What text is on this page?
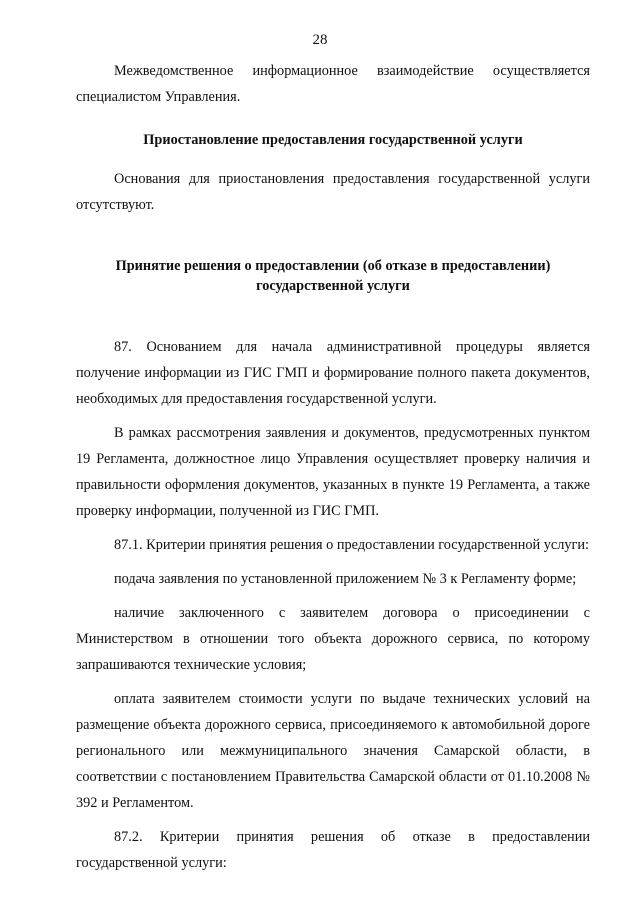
28

Межведомственное информационное взаимодействие осуществляется специалистом Управления.

Приостановление предоставления государственной услуги

Основания для приостановления предоставления государственной услуги отсутствуют.

Принятие решения о предоставлении (об отказе в предоставлении) государственной услуги

87. Основанием для начала административной процедуры является получение информации из ГИС ГМП и формирование полного пакета документов, необходимых для предоставления государственной услуги.

В рамках рассмотрения заявления и документов, предусмотренных пунктом 19 Регламента, должностное лицо Управления осуществляет проверку наличия и правильности оформления документов, указанных в пункте 19 Регламента, а также проверку информации, полученной из ГИС ГМП.

87.1. Критерии принятия решения о предоставлении государственной услуги:

подача заявления по установленной приложением № 3 к Регламенту форме;

наличие заключенного с заявителем договора о присоединении с Министерством в отношении того объекта дорожного сервиса, по которому запрашиваются технические условия;

оплата заявителем стоимости услуги по выдаче технических условий на размещение объекта дорожного сервиса, присоединяемого к автомобильной дороге регионального или межмуниципального значения Самарской области, в соответствии с постановлением Правительства Самарской области от 01.10.2008 № 392 и Регламентом.

87.2. Критерии принятия решения об отказе в предоставлении государственной услуги:
